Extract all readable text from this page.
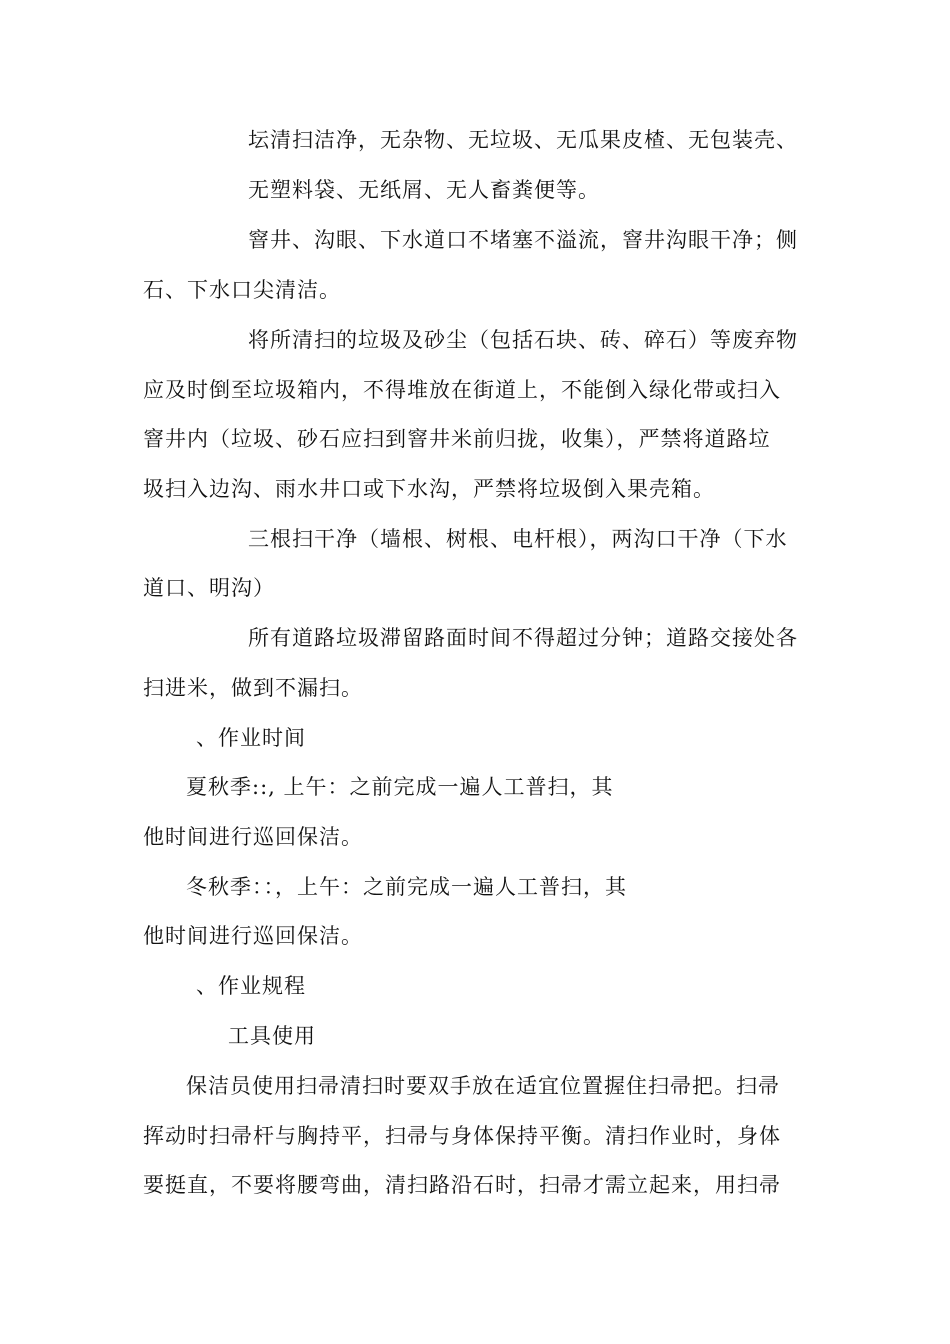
坛清扫洁净，无杂物、无垃圾、无瓜果皮楂、无包装壳、
无塑料袋、无纸屑、无人畜粪便等。
窨井、沟眼、下水道口不堵塞不溢流，窨井沟眼干净；侧
石、下水口尖清洁。
将所清扫的垃圾及砂尘（包括石块、砖、碎石）等废弃物
应及时倒至垃圾箱内，不得堆放在街道上，不能倒入绿化带或扫入
窨井内（垃圾、砂石应扫到窨井米前归拢，收集），严禁将道路垃
圾扫入边沟、雨水井口或下水沟，严禁将垃圾倒入果壳箱。
三根扫干净（墙根、树根、电杆根），两沟口干净（下水
道口、明沟）
所有道路垃圾滞留路面时间不得超过分钟；道路交接处各
扫进米，做到不漏扫。
、作业时间
夏秋季::, 上午：之前完成一遍人工普扫，其
他时间进行巡回保洁。
冬秋季：：，上午：之前完成一遍人工普扫，其
他时间进行巡回保洁。
、作业规程
工具使用
保洁员使用扫帚清扫时要双手放在适宜位置握住扫帚把。扫帚
挥动时扫帚杆与胸持平，扫帚与身体保持平衡。清扫作业时，身体
要挺直，不要将腰弯曲，清扫路沿石时，扫帚才需立起来，用扫帚
